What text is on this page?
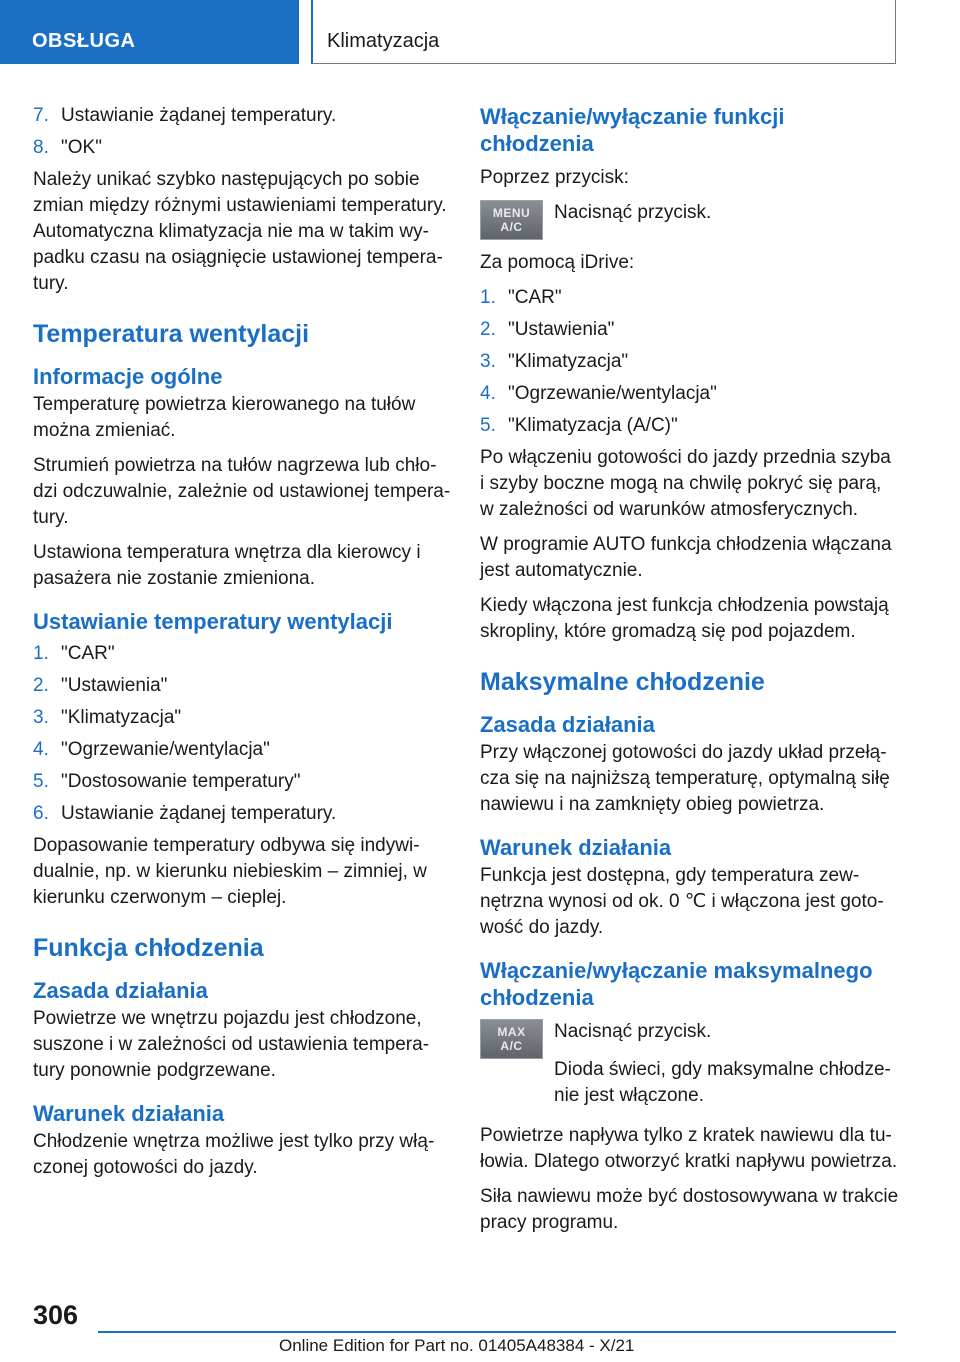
OBSŁUGA	Klimatyzacja
7. Ustawianie żądanej temperatury.
8. "OK"

Należy unikać szybko następujących po sobie zmian między różnymi ustawieniami temperatury. Automatyczna klimatyzacja nie ma w takim wypadku czasu na osiągnięcie ustawionej temperatury.

Temperatura wentylacji
Informacje ogólne

Temperaturę powietrza kierowanego na tułów można zmieniać.

Strumień powietrza na tułów nagrzewa lub chłodzi odczuwalnie, zależnie od ustawionej temperatury.

Ustawiona temperatura wnętrza dla kierowcy i pasażera nie zostanie zmieniona.

Ustawianie temperatury wentylacji
1. "CAR"
2. "Ustawienia"
3. "Klimatyzacja"
4. "Ogrzewanie/wentylacja"
5. "Dostosowanie temperatury"
6. Ustawianie żądanej temperatury.

Dopasowanie temperatury odbywa się indywidualnie, np. w kierunku niebieskim – zimniej, w kierunku czerwonym – cieplej.

Funkcja chłodzenia
Zasada działania

Powietrze we wnętrzu pojazdu jest chłodzone, suszone i w zależności od ustawienia temperatury ponownie podgrzewane.

Warunek działania

Chłodzenie wnętrza możliwe jest tylko przy włączonej gotowości do jazdy.

Włączanie/wyłączanie funkcji chłodzenia

Poprzez przycisk:

MENU
A/C
Nacisnąć przycisk.

Za pomocą iDrive:

1. "CAR"
2. "Ustawienia"
3. "Klimatyzacja"
4. "Ogrzewanie/wentylacja"
5. "Klimatyzacja (A/C)"

Po włączeniu gotowości do jazdy przednia szyba i szyby boczne mogą na chwilę pokryć się parą, w zależności od warunków atmosferycznych.

W programie AUTO funkcja chłodzenia włączana jest automatycznie.

Kiedy włączona jest funkcja chłodzenia powstają skropliny, które gromadzą się pod pojazdem.

Maksymalne chłodzenie
Zasada działania

Przy włączonej gotowości do jazdy układ przełącza się na najniższą temperaturę, optymalną siłę nawiewu i na zamknięty obieg powietrza.

Warunek działania

Funkcja jest dostępna, gdy temperatura zewnętrzna wynosi od ok. 0 ℃ i włączona jest gotowość do jazdy.

Włączanie/wyłączanie maksymalnego chłodzenia
MAX
A/C
Nacisnąć przycisk.

Dioda świeci, gdy maksymalne chłodzenie jest włączone.

Powietrze napływa tylko z kratek nawiewu dla tułowia. Dlatego otworzyć kratki napływu powietrza.

Siła nawiewu może być dostosowywana w trakcie pracy programu.

306
Online Edition for Part no. 01405A48384 - X/21
